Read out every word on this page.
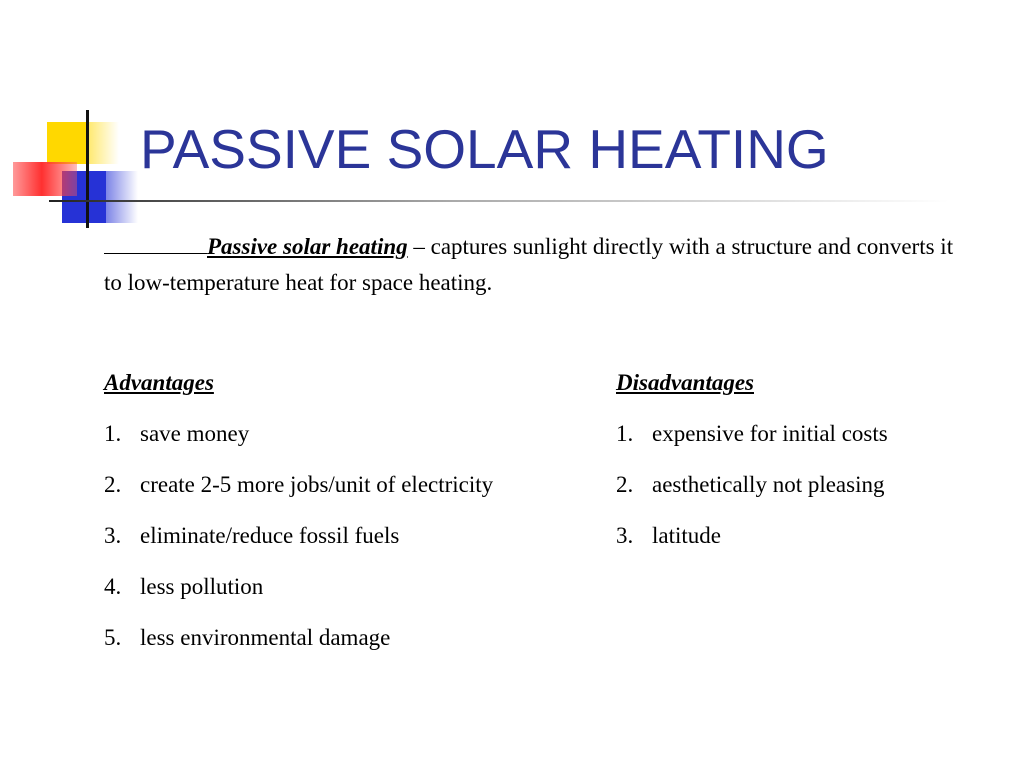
PASSIVE SOLAR HEATING
Passive solar heating – captures sunlight directly with a structure and converts it to low-temperature heat for space heating.
Advantages
1. save money
2. create 2-5 more jobs/unit of electricity
3. eliminate/reduce fossil fuels
4. less pollution
5. less environmental damage
Disadvantages
1. expensive for initial costs
2. aesthetically not pleasing
3. latitude
